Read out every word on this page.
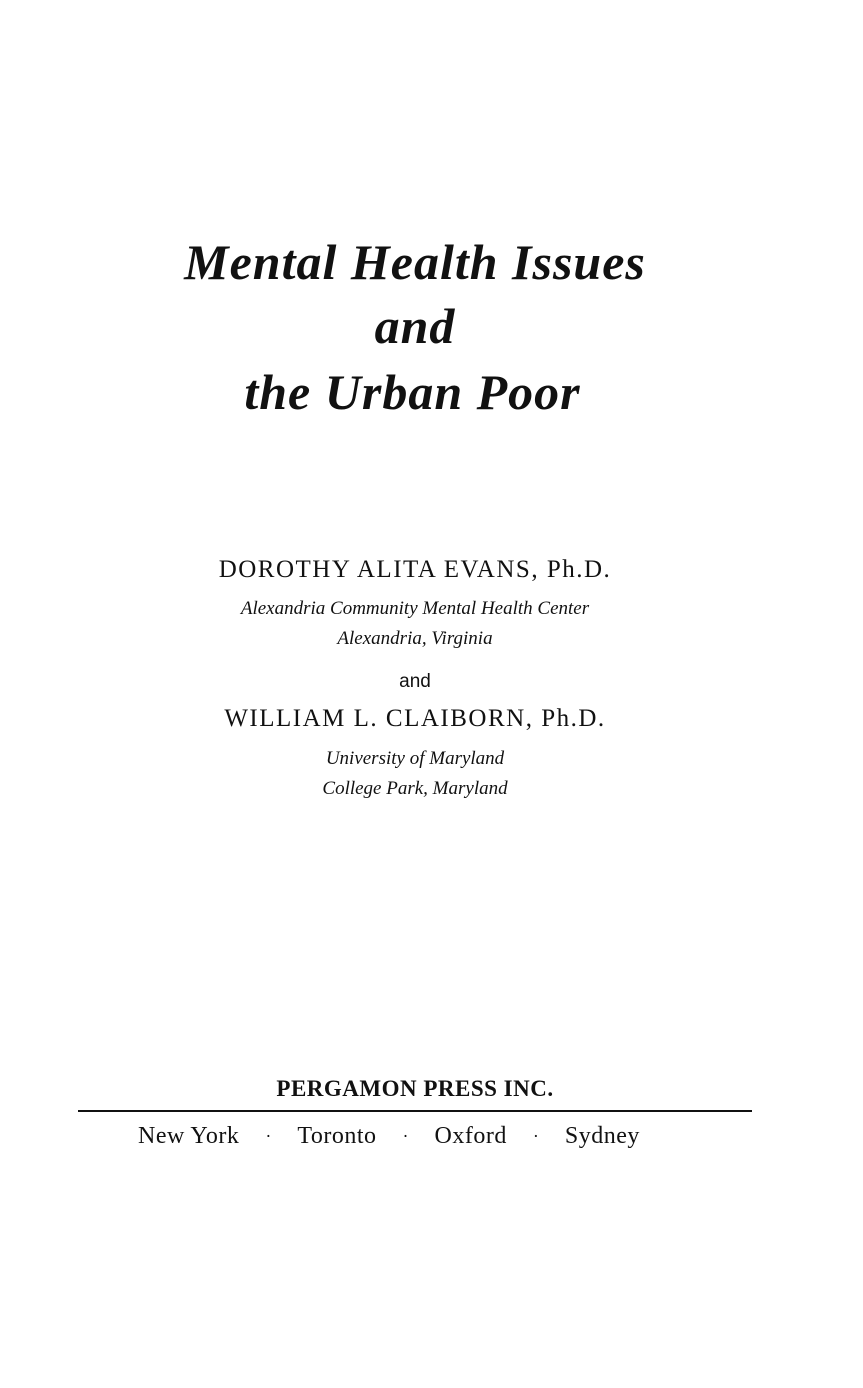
Mental Health Issues
and
the Urban Poor
DOROTHY ALITA EVANS, Ph.D.
Alexandria Community Mental Health Center
Alexandria, Virginia
and
WILLIAM L. CLAIBORN, Ph.D.
University of Maryland
College Park, Maryland
PERGAMON PRESS INC.
New York	·	Toronto	·	Oxford	·	Sydney
